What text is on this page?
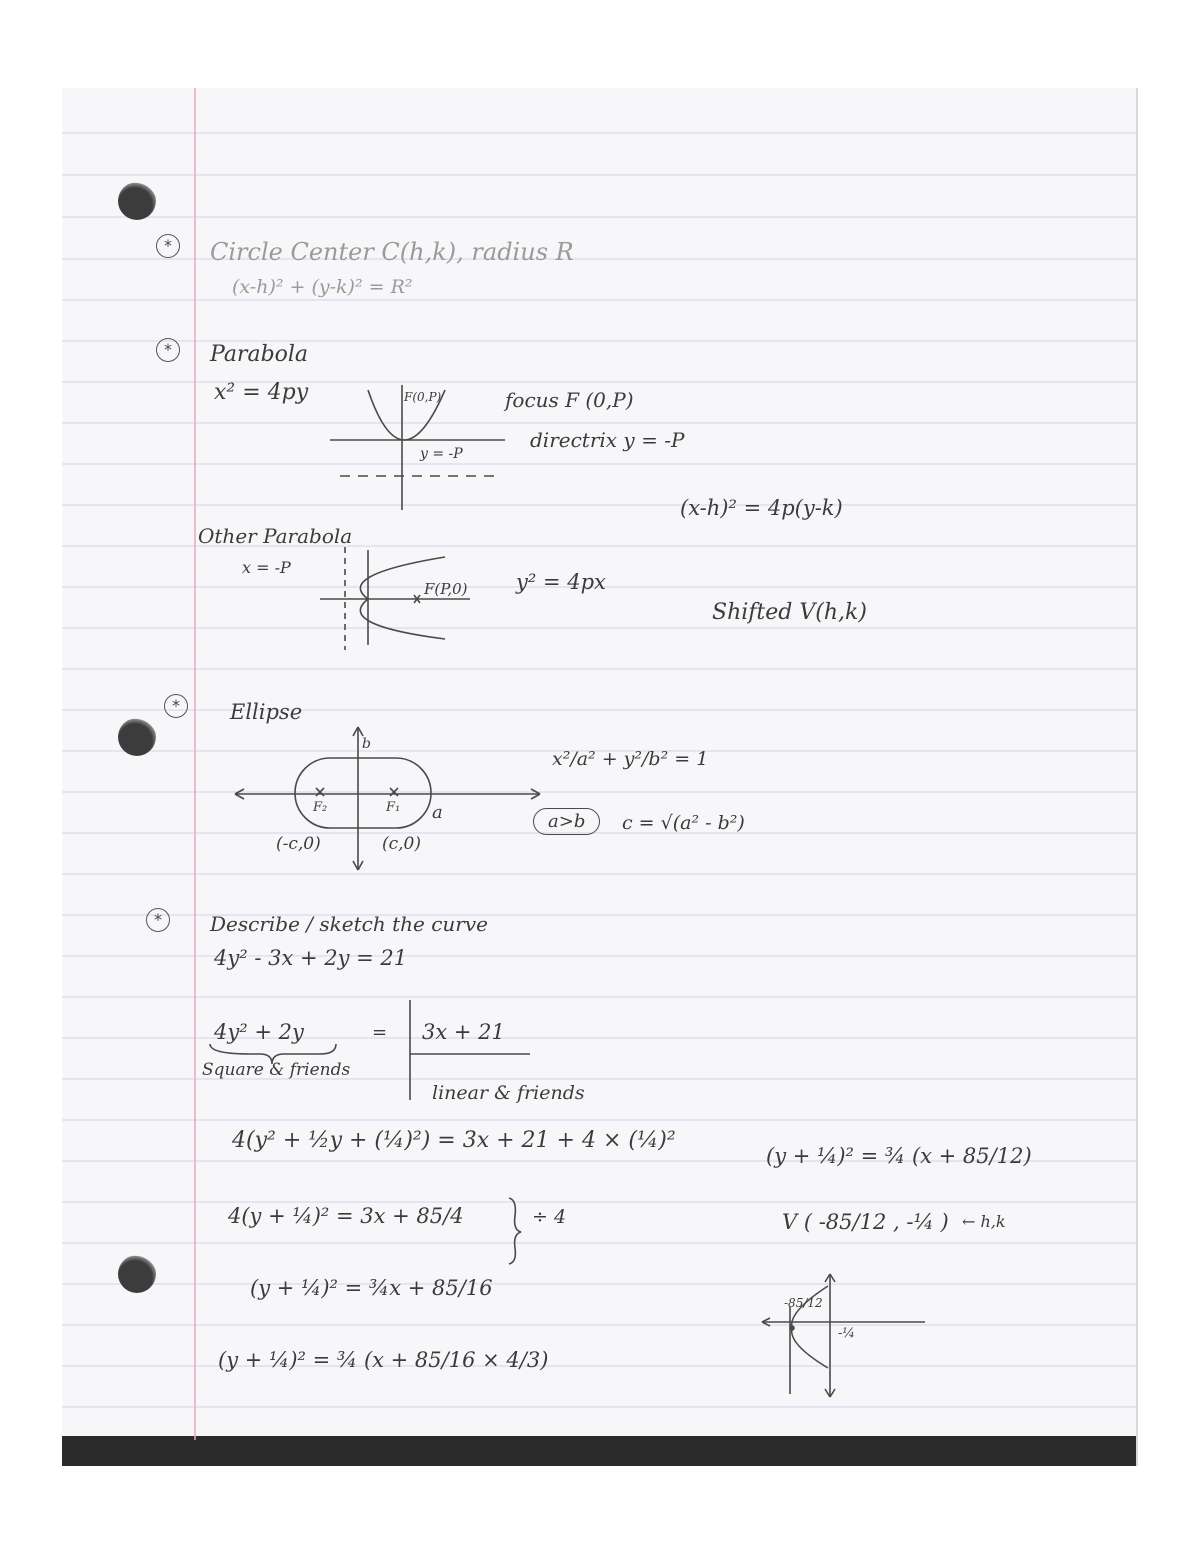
*	Circle Center C(h,k), radius R
(x-h)² + (y-k)² = R²
*	Parabola
x² = 4py	F(0,P)
y = -P
focus F (0,P)
directrix y = -P
(x-h)² = 4p(y-k)
Other Parabola
x = -P
F(P,0) y² = 4px
Shifted V(h,k)
*	Ellipse
b
F₂	F₁ a
(-c,0)	(c,0)
x²/a² + y²/b² = 1
a>b	c = √(a² - b²)
*	Describe / sketch the curve
4y² - 3x + 2y = 21
4y² + 2y	= 3x + 21
Square & friends
linear & friends
4(y² + ½y + (¼)²) = 3x + 21 + 4 × (¼)²
4(y + ¼)² = 3x + 85/4	÷ 4
(y + ¼)² = ¾x + 85/16
(y + ¼)² = ¾ (x + 85/16 × 4/3)
(y + ¼)² = ¾ (x + 85/12)
V ( -85/12 , -¼ ) ← h,k
-85/12
-¼
